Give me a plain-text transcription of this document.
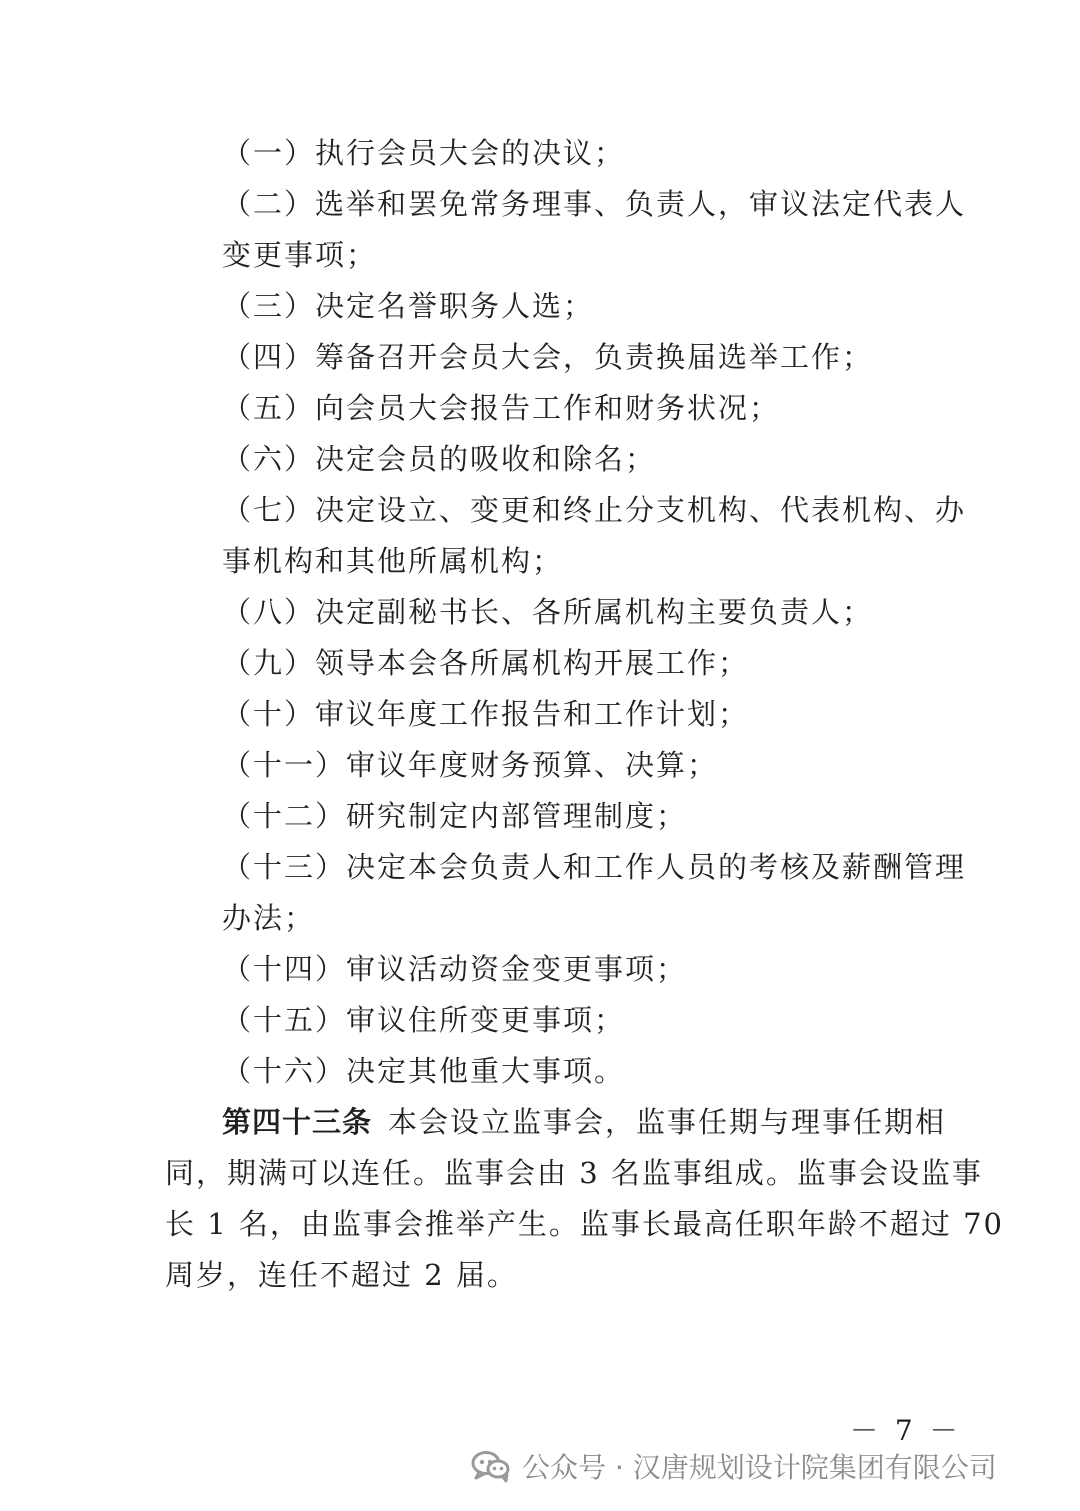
（一）执行会员大会的决议；
（二）选举和罢免常务理事、负责人，审议法定代表人
变更事项；
（三）决定名誉职务人选；
（四）筹备召开会员大会，负责换届选举工作；
（五）向会员大会报告工作和财务状况；
（六）决定会员的吸收和除名；
（七）决定设立、变更和终止分支机构、代表机构、办
事机构和其他所属机构；
（八）决定副秘书长、各所属机构主要负责人；
（九）领导本会各所属机构开展工作；
（十）审议年度工作报告和工作计划；
（十一）审议年度财务预算、决算；
（十二）研究制定内部管理制度；
（十三）决定本会负责人和工作人员的考核及薪酬管理
办法；
（十四）审议活动资金变更事项；
（十五）审议住所变更事项；
（十六）决定其他重大事项。
第四十三条 本会设立监事会，监事任期与理事任期相
同，期满可以连任。监事会由 3 名监事组成。监事会设监事
长 1 名，由监事会推举产生。监事长最高任职年龄不超过 70
周岁，连任不超过 2 届。
－ 7 －
公众号 · 汉唐规划设计院集团有限公司
